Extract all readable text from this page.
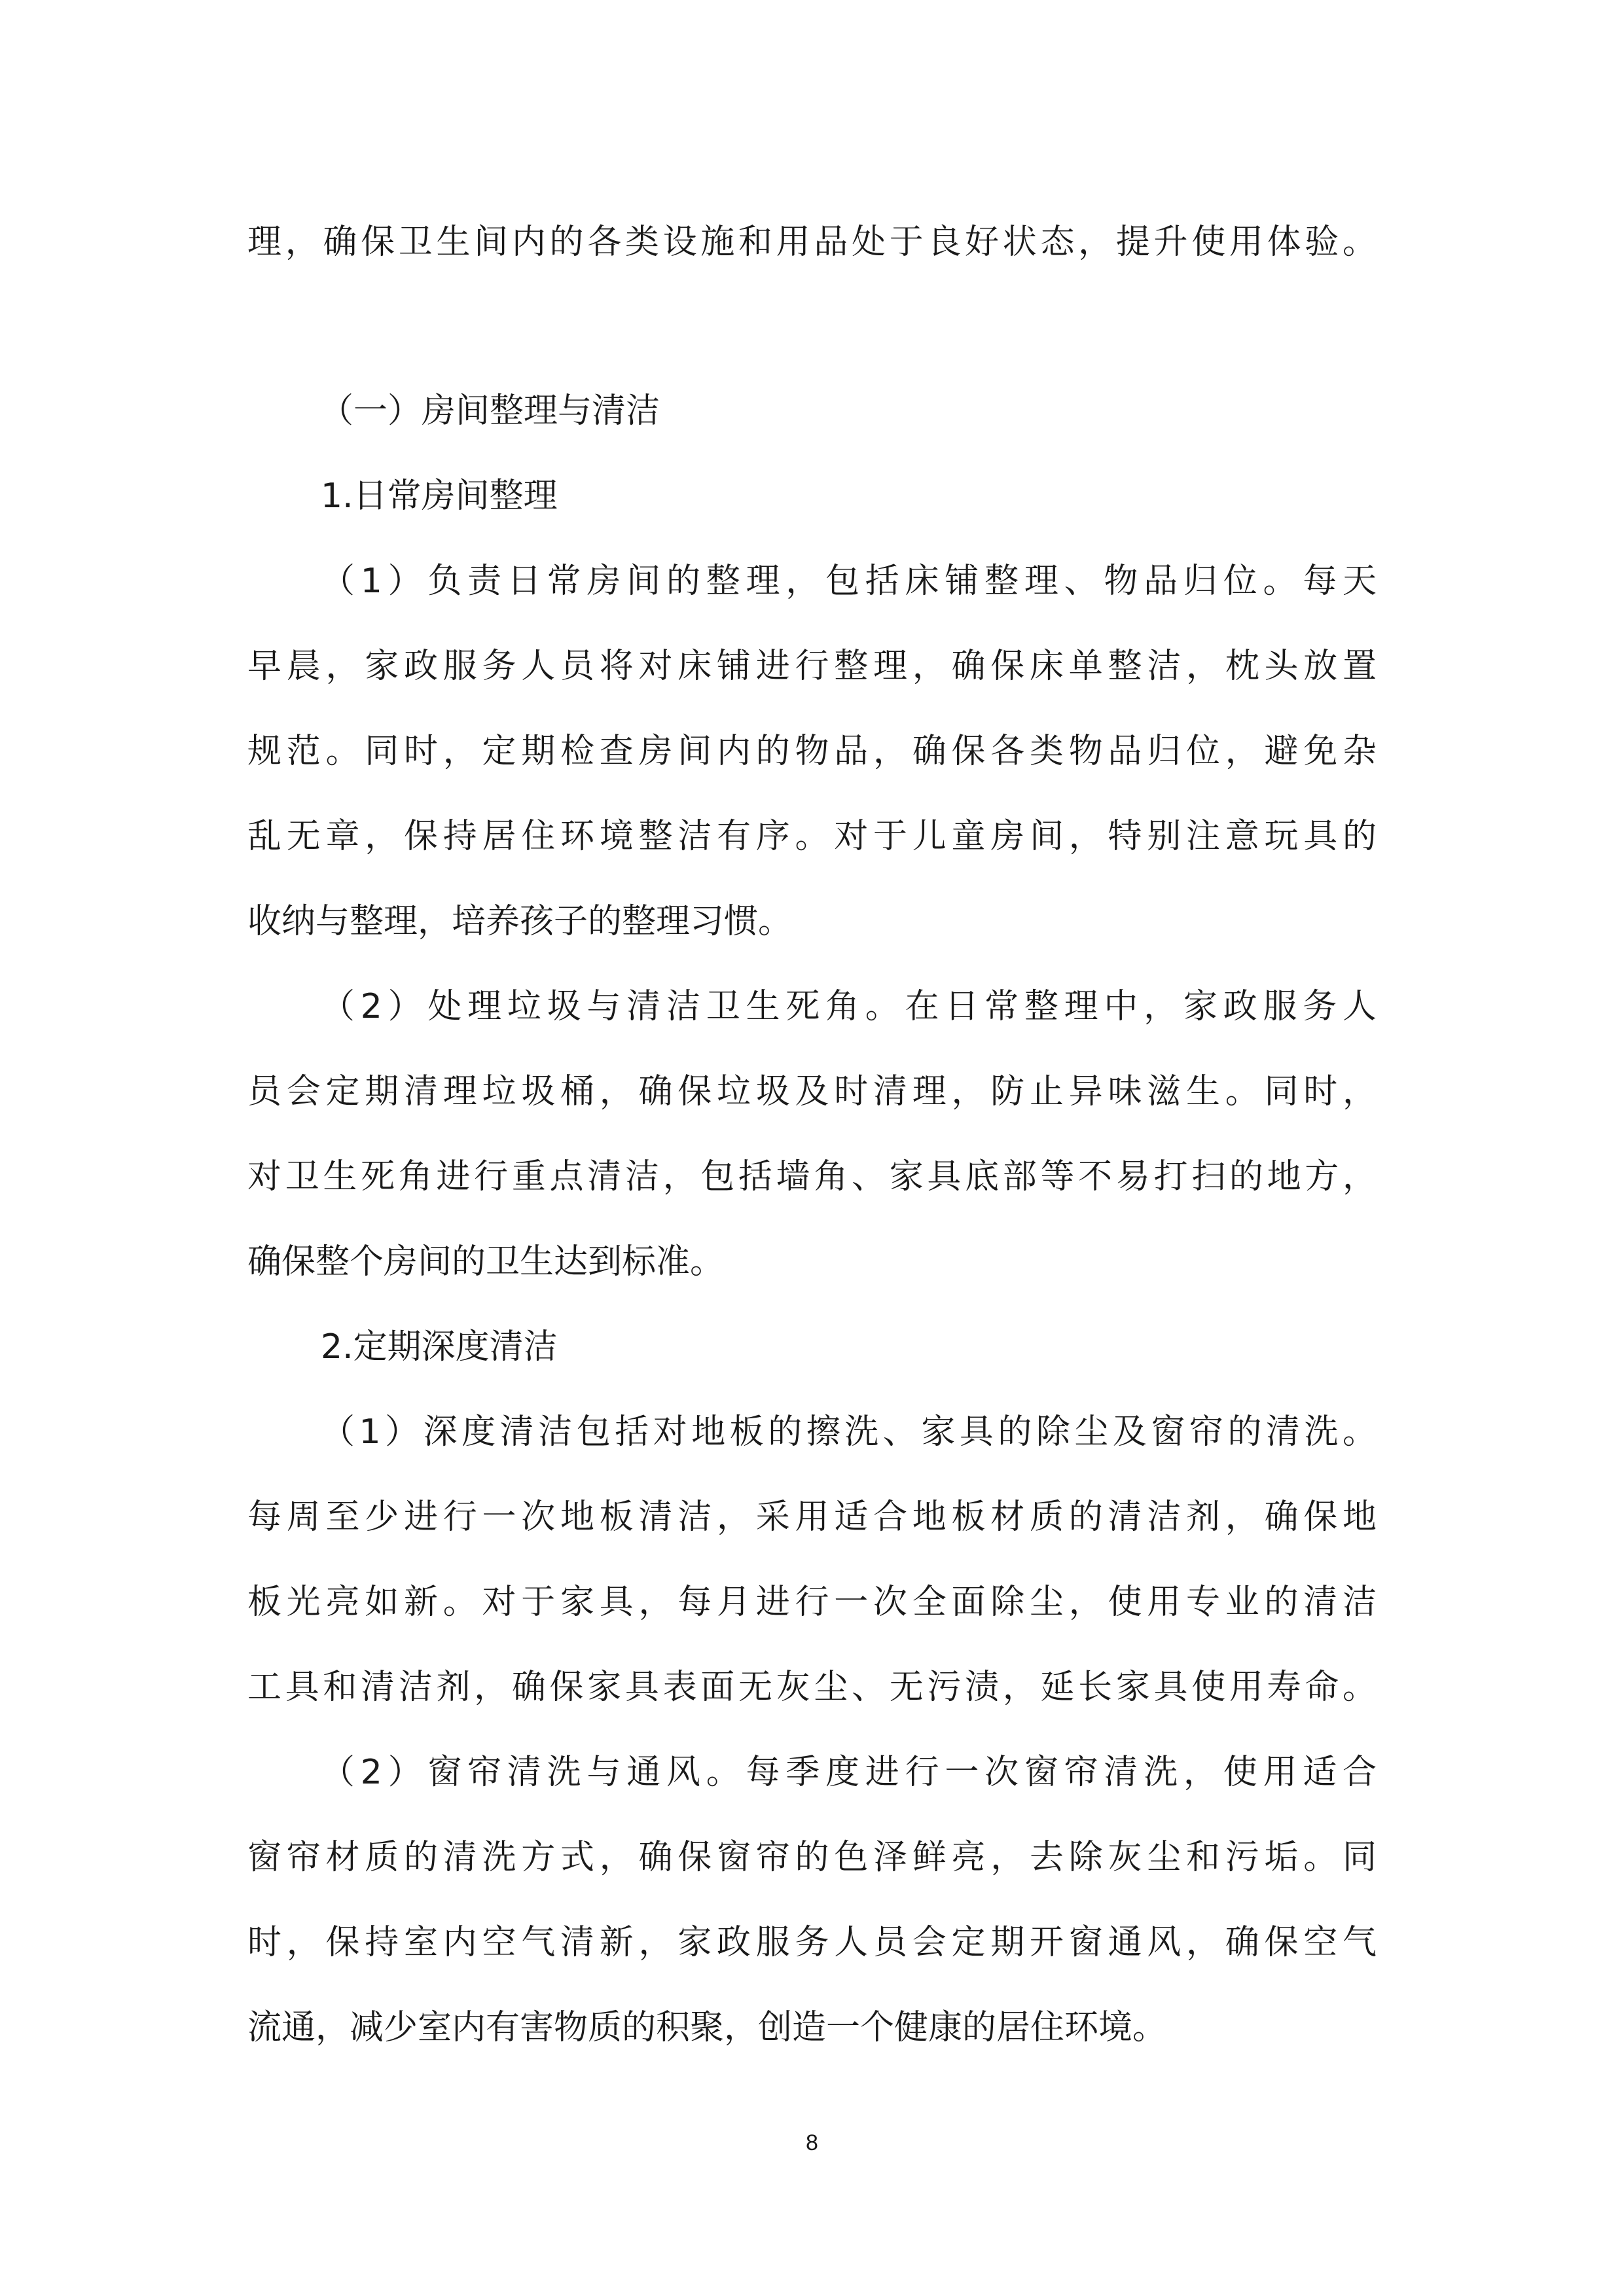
理，确保卫生间内的各类设施和用品处于良好状态，提升使用体验。
（一）房间整理与清洁
1.日常房间整理
（1）负责日常房间的整理，包括床铺整理、物品归位。每天
早晨，家政服务人员将对床铺进行整理，确保床单整洁，枕头放置
规范。同时，定期检查房间内的物品，确保各类物品归位，避免杂
乱无章，保持居住环境整洁有序。对于儿童房间，特别注意玩具的
收纳与整理，培养孩子的整理习惯。
（2）处理垃圾与清洁卫生死角。在日常整理中，家政服务人
员会定期清理垃圾桶，确保垃圾及时清理，防止异味滋生。同时，
对卫生死角进行重点清洁，包括墙角、家具底部等不易打扫的地方，
确保整个房间的卫生达到标准。
2.定期深度清洁
（1）深度清洁包括对地板的擦洗、家具的除尘及窗帘的清洗。
每周至少进行一次地板清洁，采用适合地板材质的清洁剂，确保地
板光亮如新。对于家具，每月进行一次全面除尘，使用专业的清洁
工具和清洁剂，确保家具表面无灰尘、无污渍，延长家具使用寿命。
（2）窗帘清洗与通风。每季度进行一次窗帘清洗，使用适合
窗帘材质的清洗方式，确保窗帘的色泽鲜亮，去除灰尘和污垢。同
时，保持室内空气清新，家政服务人员会定期开窗通风，确保空气
流通，减少室内有害物质的积聚，创造一个健康的居住环境。
8
